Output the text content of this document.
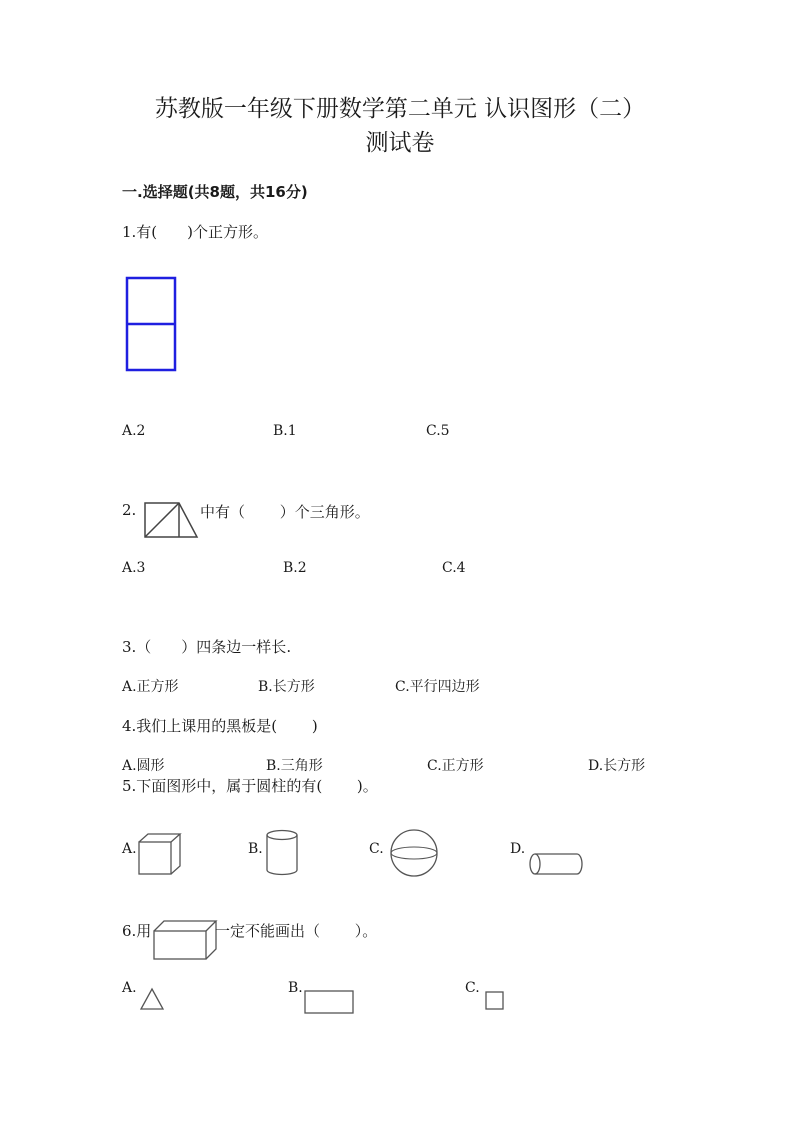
苏教版一年级下册数学第二单元 认识图形（二）
测试卷
一.选择题(共8题，共16分)
1.有(　　)个正方形。
A.2	B.1	C.5
2.	中有（　　 ）个三角形。
A.3	B.2	C.4
3.（　　）四条边一样长.
A.正方形	B.长方形	C.平行四边形
4.我们上课用的黑板是(　　 )
A.圆形	B.三角形	C.正方形	D.长方形
5.下面图形中，属于圆柱的有(　　 )。
A.	B.	C.	D.
6.用	一定不能画出（　　 ）。
A.	B.	C.
